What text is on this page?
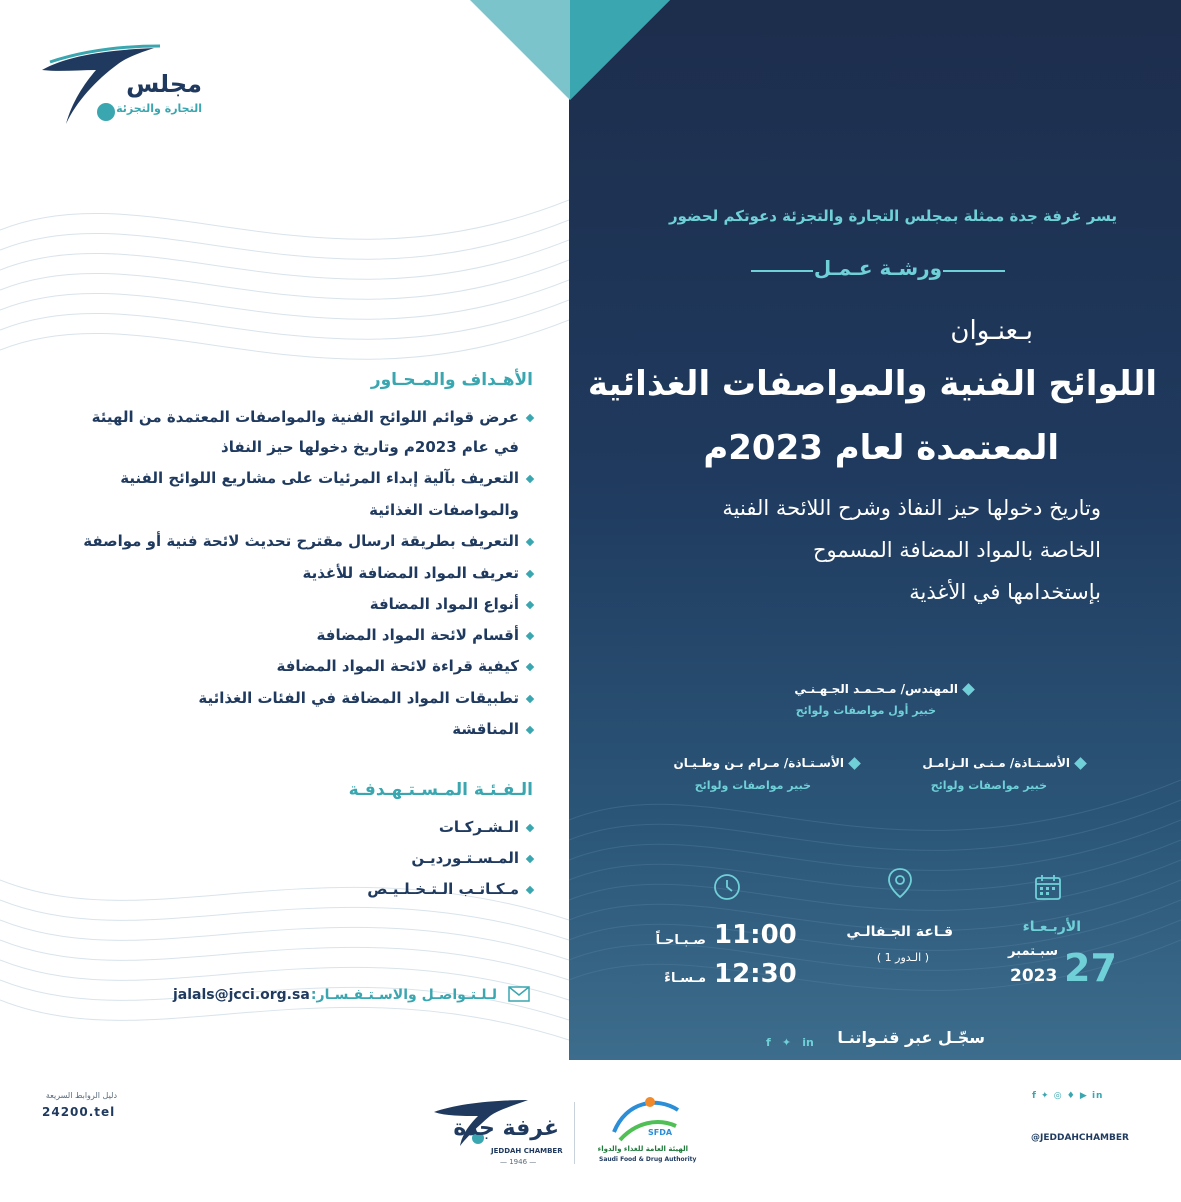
مجلس
التجارة والتجزئة
الأهـداف والمـحـاور
عرض قوائم اللوائح الفنية والمواصفات المعتمدة من الهيئة
في عام 2023م وتاريخ دخولها حيز النفاذ
التعريف بآلية إبداء المرئيات على مشاريع اللوائح الفنية
والمواصفات الغذائية
التعريف بطريقة ارسال مقترح تحديث لائحة فنية أو مواصفة
تعريف المواد المضافة للأغذية
أنواع المواد المضافة
أقسام لائحة المواد المضافة
كيفية قراءة لائحة المواد المضافة
تطبيقات المواد المضافة في الفئات الغذائية
المناقشة
الـفـئـة المـسـتـهـدفـة
الـشـركـات
المـسـتـورديـن
مـكـاتـب الـتـخـلـيـص
لـلـتـواصـل والاسـتـفـسـار:
jalals@jcci.org.sa
يسر غرفة جدة ممثلة بمجلس التجارة والتجزئة دعوتكم لحضور
ورشـة عـمـل
بـعنـوان
اللوائح الفنية والمواصفات الغذائية
المعتمدة لعام 2023م
وتاريخ دخولها حيز النفاذ وشرح اللائحة الفنية
الخاصة بالمواد المضافة المسموح
بإستخدامها في الأغذية
المهندس/ مـحـمـد الجـهـنـي
خبير أول مواصفات ولوائح
الأسـتـاذة/ مـنـى الـزامـل
خبير مواصفات ولوائح
الأسـتـاذة/ مـرام بـن وطـيـان
خبير مواصفات ولوائح
الأربـعـاء
27
سبـتمبر
2023
قـاعة الجـفالـي
( الـدور 1 )
11:00
صـبـاحـاً
12:30
مـسـاءً
سجّـل عبر قنـواتنـا
f ✦ in
دليل الروابط السريعة
24200.tel
غرفة جدة
JEDDAH CHAMBER
— 1946 —
SFDA
الهيئة العامة للغذاء والدواء
Saudi Food & Drug Authority
f ✦ ◎ ♦ ▶ in
@JEDDAHCHAMBER
